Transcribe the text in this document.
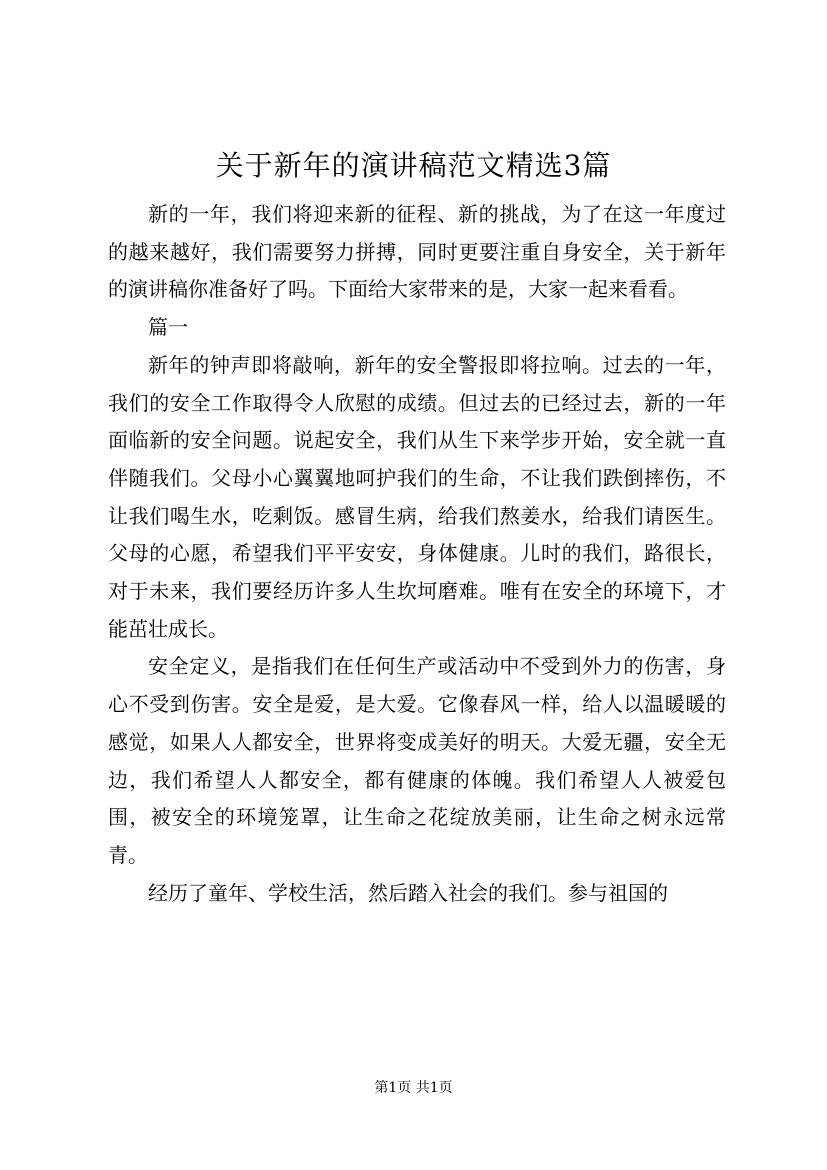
关于新年的演讲稿范文精选3篇

新的一年，我们将迎来新的征程、新的挑战，为了在这一年度过的越来越好，我们需要努力拼搏，同时更要注重自身安全，关于新年的演讲稿你准备好了吗。下面给大家带来的是，大家一起来看看。

篇一

新年的钟声即将敲响，新年的安全警报即将拉响。过去的一年，我们的安全工作取得令人欣慰的成绩。但过去的已经过去，新的一年面临新的安全问题。说起安全，我们从生下来学步开始，安全就一直伴随我们。父母小心翼翼地呵护我们的生命，不让我们跌倒摔伤，不让我们喝生水，吃剩饭。感冒生病，给我们熬姜水，给我们请医生。父母的心愿，希望我们平平安安，身体健康。儿时的我们，路很长，对于未来，我们要经历许多人生坎坷磨难。唯有在安全的环境下，才能茁壮成长。

安全定义，是指我们在任何生产或活动中不受到外力的伤害，身心不受到伤害。安全是爱，是大爱。它像春风一样，给人以温暖暖的感觉，如果人人都安全，世界将变成美好的明天。大爱无疆，安全无边，我们希望人人都安全，都有健康的体魄。我们希望人人被爱包围，被安全的环境笼罩，让生命之花绽放美丽，让生命之树永远常青。

经历了童年、学校生活，然后踏入社会的我们。参与祖国的

第1页 共1页
